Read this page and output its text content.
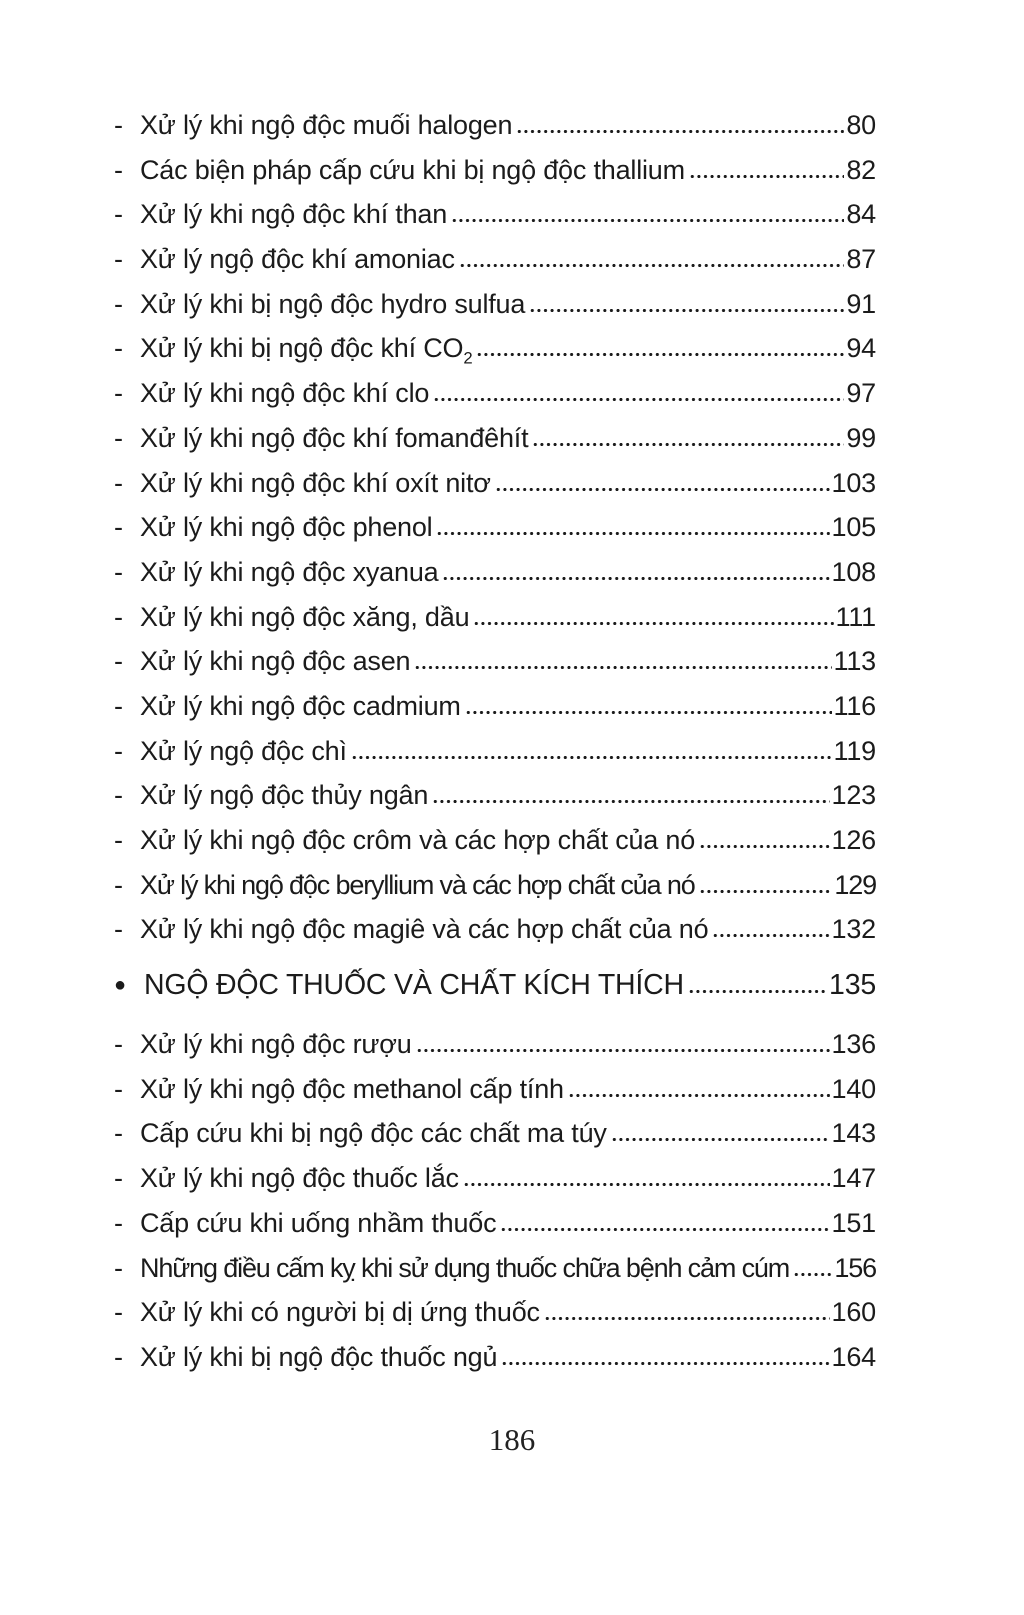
- Xử lý khi ngộ độc muối halogen	80
- Các biện pháp cấp cứu khi bị ngộ độc thallium	82
- Xử lý khi ngộ độc khí than	84
- Xử lý ngộ độc khí amoniac	87
- Xử lý khi bị ngộ độc hydro sulfua	91
- Xử lý khi bị ngộ độc khí $CO_2$	94
- Xử lý khi ngộ độc khí clo	97
- Xử lý khi ngộ độc khí fomanđêhít	99
- Xử lý khi ngộ độc khí oxít nitơ	103
- Xử lý khi ngộ độc phenol	105
- Xử lý khi ngộ độc xyanua	108
- Xử lý khi ngộ độc xăng, dầu	111
- Xử lý khi ngộ độc asen	113
- Xử lý khi ngộ độc cadmium	116
- Xử lý ngộ độc chì	119
- Xử lý ngộ độc thủy ngân	123
- Xử lý khi ngộ độc crôm và các hợp chất của nó	126
- Xử lý khi ngộ độc beryllium và các hợp chất của nó	129
- Xử lý khi ngộ độc magiê và các hợp chất của nó	132
● NGỘ ĐỘC THUỐC VÀ CHẤT KÍCH THÍCH	135
- Xử lý khi ngộ độc rượu	136
- Xử lý khi ngộ độc methanol cấp tính	140
- Cấp cứu khi bị ngộ độc các chất ma túy	143
- Xử lý khi ngộ độc thuốc lắc	147
- Cấp cứu khi uống nhầm thuốc	151
- Những điều cấm kỵ khi sử dụng thuốc chữa bệnh cảm cúm 156
- Xử lý khi có người bị dị ứng thuốc	160
- Xử lý khi bị ngộ độc thuốc ngủ	164
186
